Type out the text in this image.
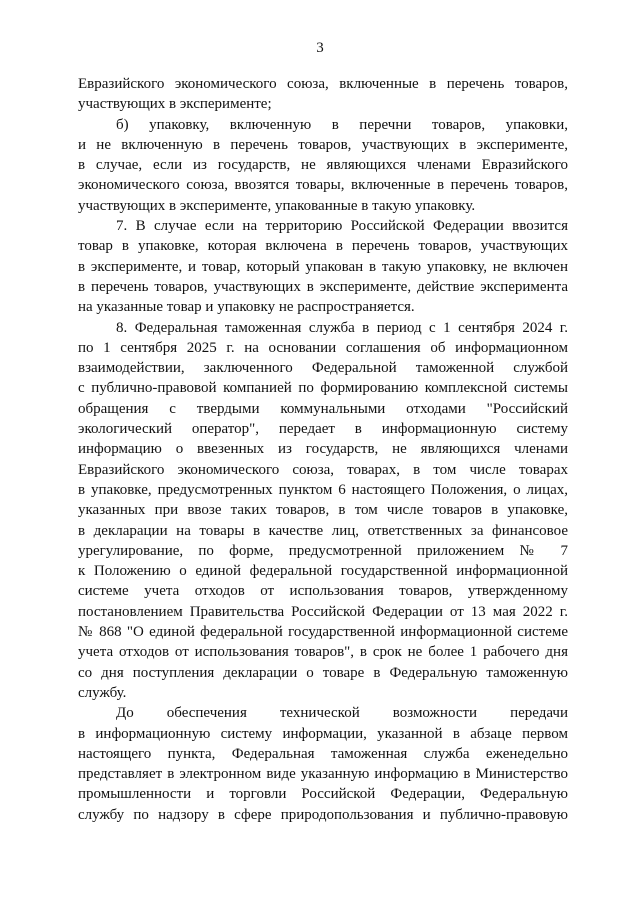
3
Евразийского экономического союза, включенные в перечень товаров,
участвующих в эксперименте;
б) упаковку, включенную в перечни товаров, упаковки,
и не включенную в перечень товаров, участвующих в эксперименте,
в случае, если из государств, не являющихся членами Евразийского
экономического союза, ввозятся товары, включенные в перечень товаров,
участвующих в эксперименте, упакованные в такую упаковку.
7. В случае если на территорию Российской Федерации ввозится
товар в упаковке, которая включена в перечень товаров, участвующих
в эксперименте, и товар, который упакован в такую упаковку, не включен
в перечень товаров, участвующих в эксперименте, действие эксперимента
на указанные товар и упаковку не распространяется.
8. Федеральная таможенная служба в период с 1 сентября 2024 г.
по 1 сентября 2025 г. на основании соглашения об информационном
взаимодействии, заключенного Федеральной таможенной службой
с публично-правовой компанией по формированию комплексной системы
обращения с твердыми коммунальными отходами "Российский
экологический оператор", передает в информационную систему
информацию о ввезенных из государств, не являющихся членами
Евразийского экономического союза, товарах, в том числе товарах
в упаковке, предусмотренных пунктом 6 настоящего Положения, о лицах,
указанных при ввозе таких товаров, в том числе товаров в упаковке,
в декларации на товары в качестве лиц, ответственных за финансовое
урегулирование, по форме, предусмотренной приложением № 7
к Положению о единой федеральной государственной информационной
системе учета отходов от использования товаров, утвержденному
постановлением Правительства Российской Федерации от 13 мая 2022 г.
№ 868 "О единой федеральной государственной информационной системе
учета отходов от использования товаров", в срок не более 1 рабочего дня
со дня поступления декларации о товаре в Федеральную таможенную
службу.
До обеспечения технической возможности передачи
в информационную систему информации, указанной в абзаце первом
настоящего пункта, Федеральная таможенная служба еженедельно
представляет в электронном виде указанную информацию в Министерство
промышленности и торговли Российской Федерации, Федеральную
службу по надзору в сфере природопользования и публично-правовую
